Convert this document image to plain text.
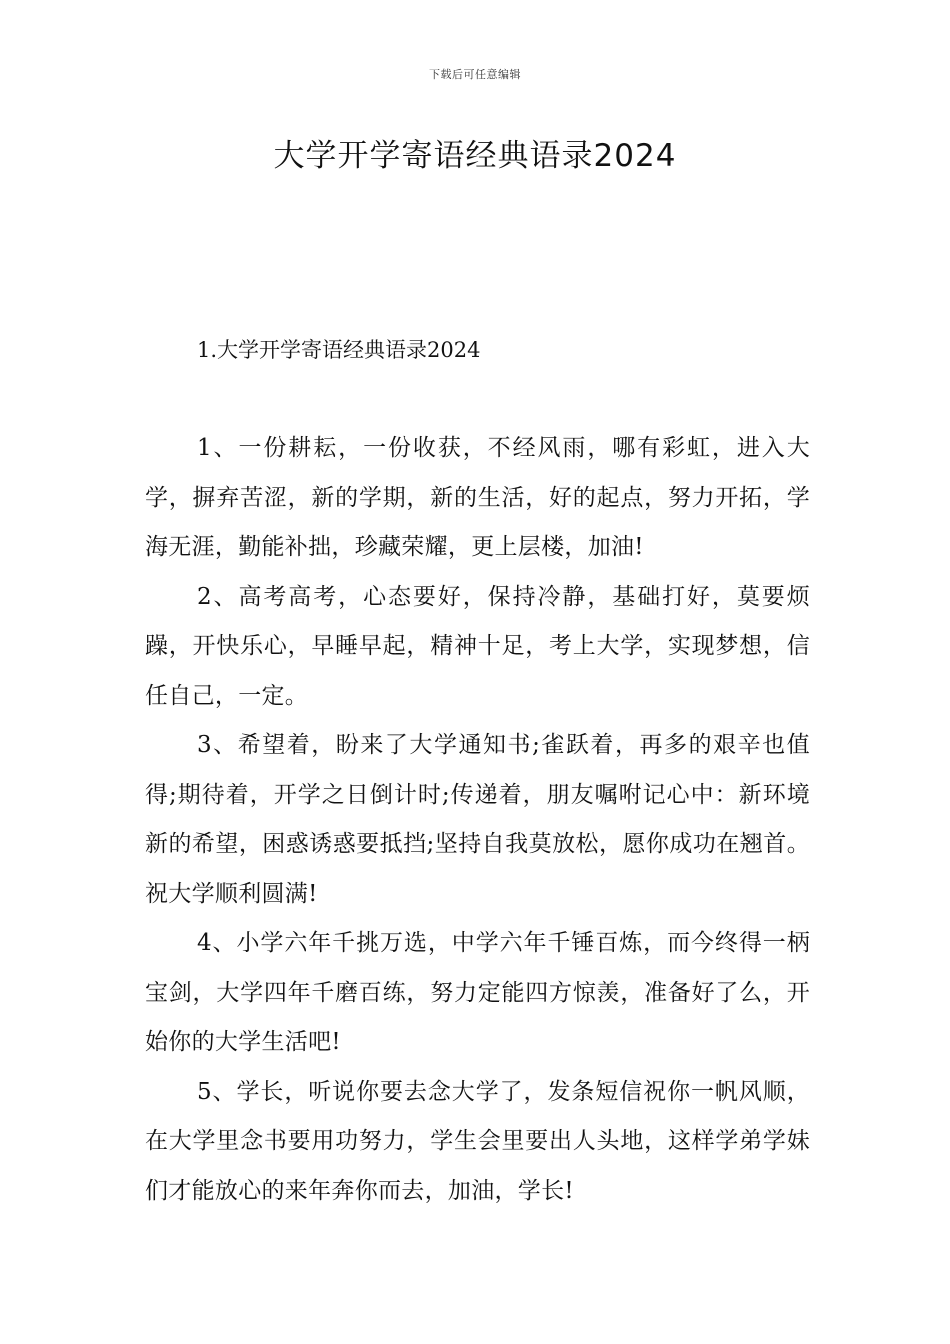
下载后可任意编辑
大学开学寄语经典语录2024
1.大学开学寄语经典语录2024

1、一份耕耘，一份收获，不经风雨，哪有彩虹，进入大学，摒弃苦涩，新的学期，新的生活，好的起点，努力开拓，学海无涯，勤能补拙，珍藏荣耀，更上层楼，加油!

2、高考高考，心态要好，保持冷静，基础打好，莫要烦躁，开快乐心，早睡早起，精神十足，考上大学，实现梦想，信任自己，一定。

3、希望着，盼来了大学通知书;雀跃着，再多的艰辛也值得;期待着，开学之日倒计时;传递着，朋友嘱咐记心中：新环境新的希望，困惑诱惑要抵挡;坚持自我莫放松，愿你成功在翘首。祝大学顺利圆满!

4、小学六年千挑万选，中学六年千锤百炼，而今终得一柄宝剑，大学四年千磨百练，努力定能四方惊羡，准备好了么，开始你的大学生活吧!

5、学长，听说你要去念大学了，发条短信祝你一帆风顺，在大学里念书要用功努力，学生会里要出人头地，这样学弟学妹们才能放心的来年奔你而去，加油，学长!
